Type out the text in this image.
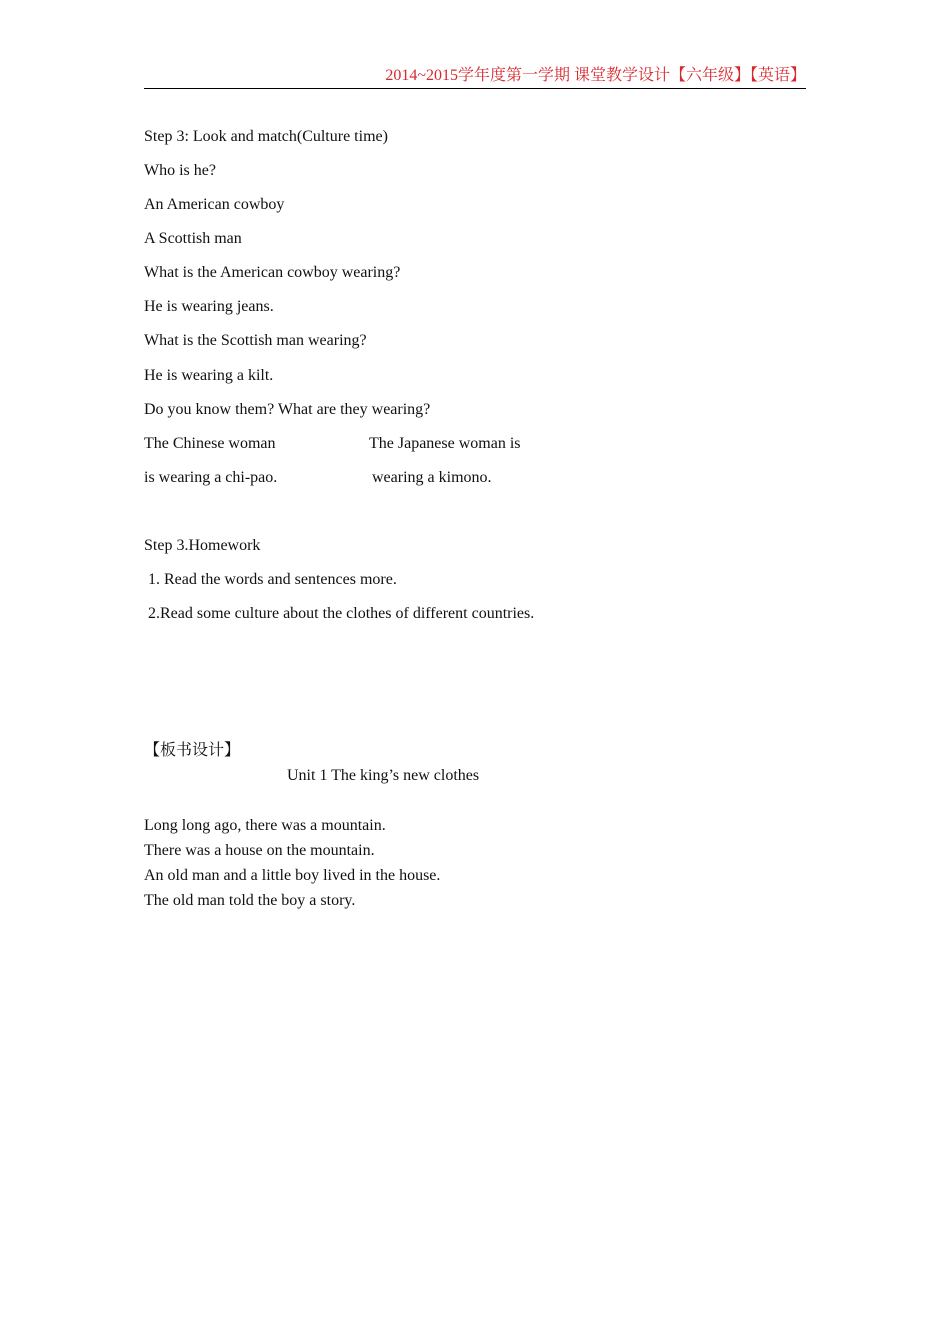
2014~2015学年度第一学期 课堂教学设计【六年级】【英语】
Step 3: Look and match(Culture time)
Who is he?
An American cowboy
A Scottish man
What is the American cowboy wearing?
He is wearing jeans.
What is the Scottish man wearing?
He is wearing a kilt.
Do you know them? What are they wearing?
The Chinese woman	The Japanese woman is
is wearing a chi-pao.	wearing a kimono.
Step 3.Homework
1. Read the words and sentences more.
2.Read some culture about the clothes of different countries.
【板书设计】
Unit 1 The king’s new clothes
Long long ago, there was a mountain.
There was a house on the mountain.
An old man and a little boy lived in the house.
The old man told the boy a story.
